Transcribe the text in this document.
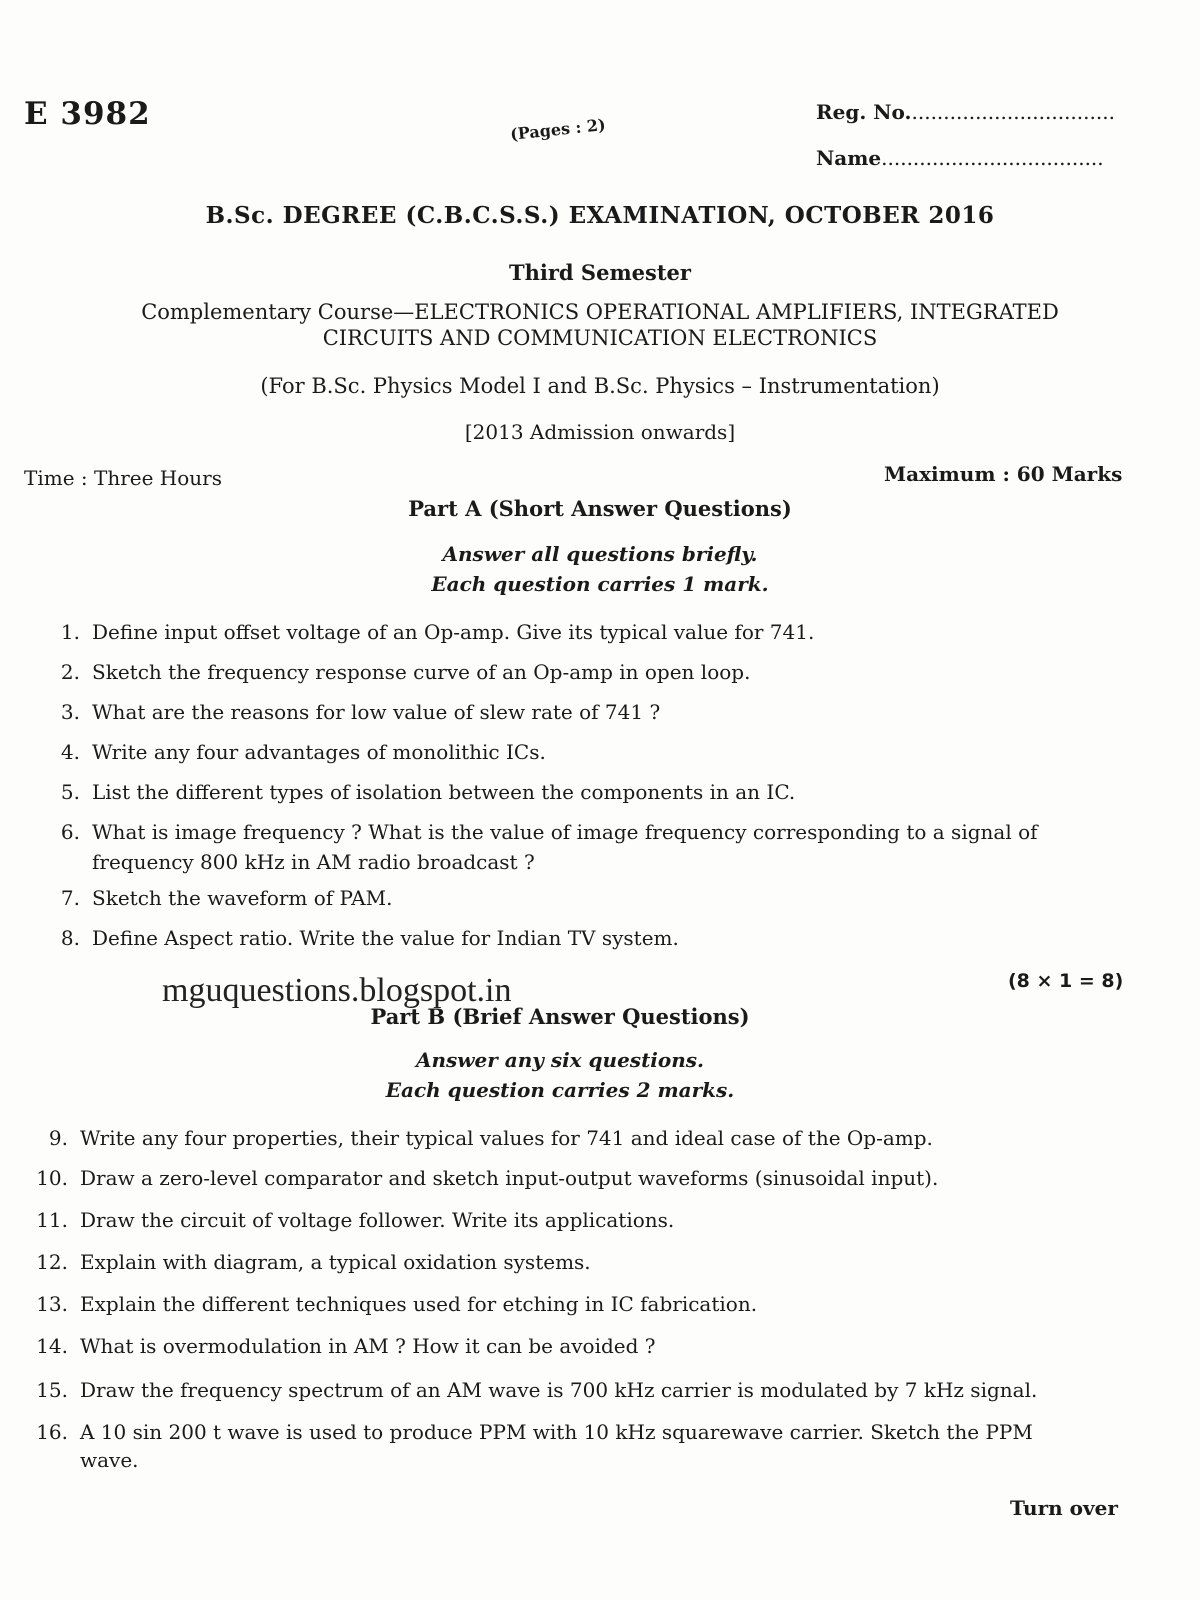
E 3982	(Pages : 2)
Reg. No.................................
Name...................................
B.Sc. DEGREE (C.B.C.S.S.) EXAMINATION, OCTOBER 2016
Third Semester
Complementary Course—ELECTRONICS OPERATIONAL AMPLIFIERS, INTEGRATED
CIRCUITS AND COMMUNICATION ELECTRONICS
(For B.Sc. Physics Model I and B.Sc. Physics – Instrumentation)
[2013 Admission onwards]
Time : Three Hours	Maximum : 60 Marks
Part A (Short Answer Questions)
Answer all questions briefly.
Each question carries 1 mark.
1. Define input offset voltage of an Op-amp. Give its typical value for 741.
2. Sketch the frequency response curve of an Op-amp in open loop.
3. What are the reasons for low value of slew rate of 741 ?
4. Write any four advantages of monolithic ICs.
5. List the different types of isolation between the components in an IC.
6. What is image frequency ? What is the value of image frequency corresponding to a signal of
frequency 800 kHz in AM radio broadcast ?
7. Sketch the waveform of PAM.
8. Define Aspect ratio. Write the value for Indian TV system.
(8 × 1 = 8)
mguquestions.blogspot.in
Part B (Brief Answer Questions)
Answer any six questions.
Each question carries 2 marks.
9. Write any four properties, their typical values for 741 and ideal case of the Op-amp.
10. Draw a zero-level comparator and sketch input-output waveforms (sinusoidal input).
11. Draw the circuit of voltage follower. Write its applications.
12. Explain with diagram, a typical oxidation systems.
13. Explain the different techniques used for etching in IC fabrication.
14. What is overmodulation in AM ? How it can be avoided ?
15. Draw the frequency spectrum of an AM wave is 700 kHz carrier is modulated by 7 kHz signal.
16. A 10 sin 200 t wave is used to produce PPM with 10 kHz squarewave carrier. Sketch the PPM
wave.
Turn over
